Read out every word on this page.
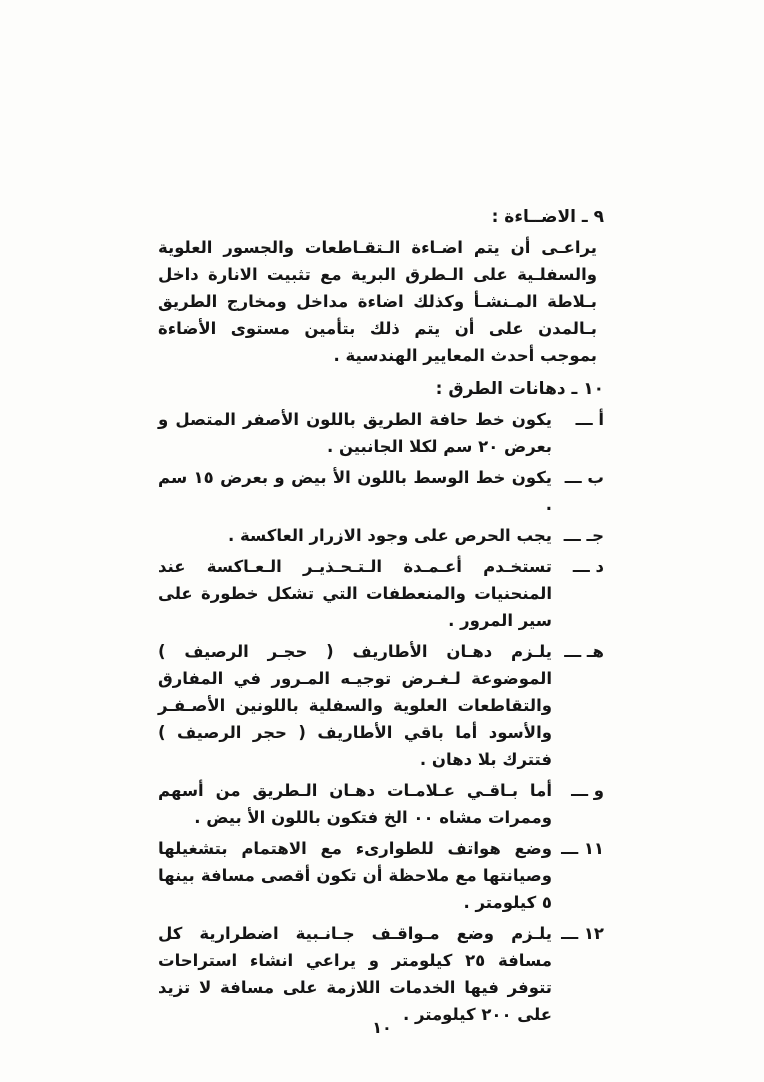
٩ ـ الاضــاءة :

يراعـى أن يتم اضـاءة الـتقـاطعات والجسور العلوية والسفلـية على الـطرق البرية مع تثبيت الانارة داخل بـلاطة المـنشـأ وكذلك اضاءة مداخل ومخارج الطريق بـالمدن على أن يتم ذلك بتأمين مستوى الأضاءة بموجب أحدث المعايير الهندسية .

١٠ ـ دهانات الطرق :
أ ـــ

يكون خط حافة الطريق باللون الأصفر المتصل و بعرض ٢٠ سم لكلا الجانبين .

ب ـــ

يكون خط الوسط باللون الأ بيض و بعرض ١٥ سم .

جـ ـــ

يجب الحرص على وجود الازرار العاكسة .

د ـــ

تستخـدم أعـمـدة الـتـحـذيـر الـعـاكسة عند المنحنيات والمنعطفات التي تشكل خطورة على سير المرور .

هـ ـــ

يلـزم دهـان الأطاريف ( حجـر الرصيف ) الموضوعة لـغـرض توجيـه المـرور في المفارق والتقاطعات العلوية والسفلية باللونين الأصـفـر والأسود أما باقي الأطاريف ( حجر الرصيف ) فتترك بلا دهان .

و ـــ

أما بـاقـي عـلامـات دهـان الـطريق من أسهم وممرات مشاه ٠٠ الخ فتكون باللون الأ بيض .

١١ ـــ

وضع هواتف للطوارىء مع الاهتمام بتشغيلها وصيانتها مع ملاحظة أن تكون أقصى مسافة بينها ٥ كيلومتر .

١٢ ـــ

يلـزم وضع مـواقـف جـانـبية اضطرارية كل مسافة ٢٥ كيلومتر و يراعي انشاء استراحات تتوفر فيها الخدمات اللازمة على مسافة لا تزيد على ٢٠٠ كيلومتر .

١٠
